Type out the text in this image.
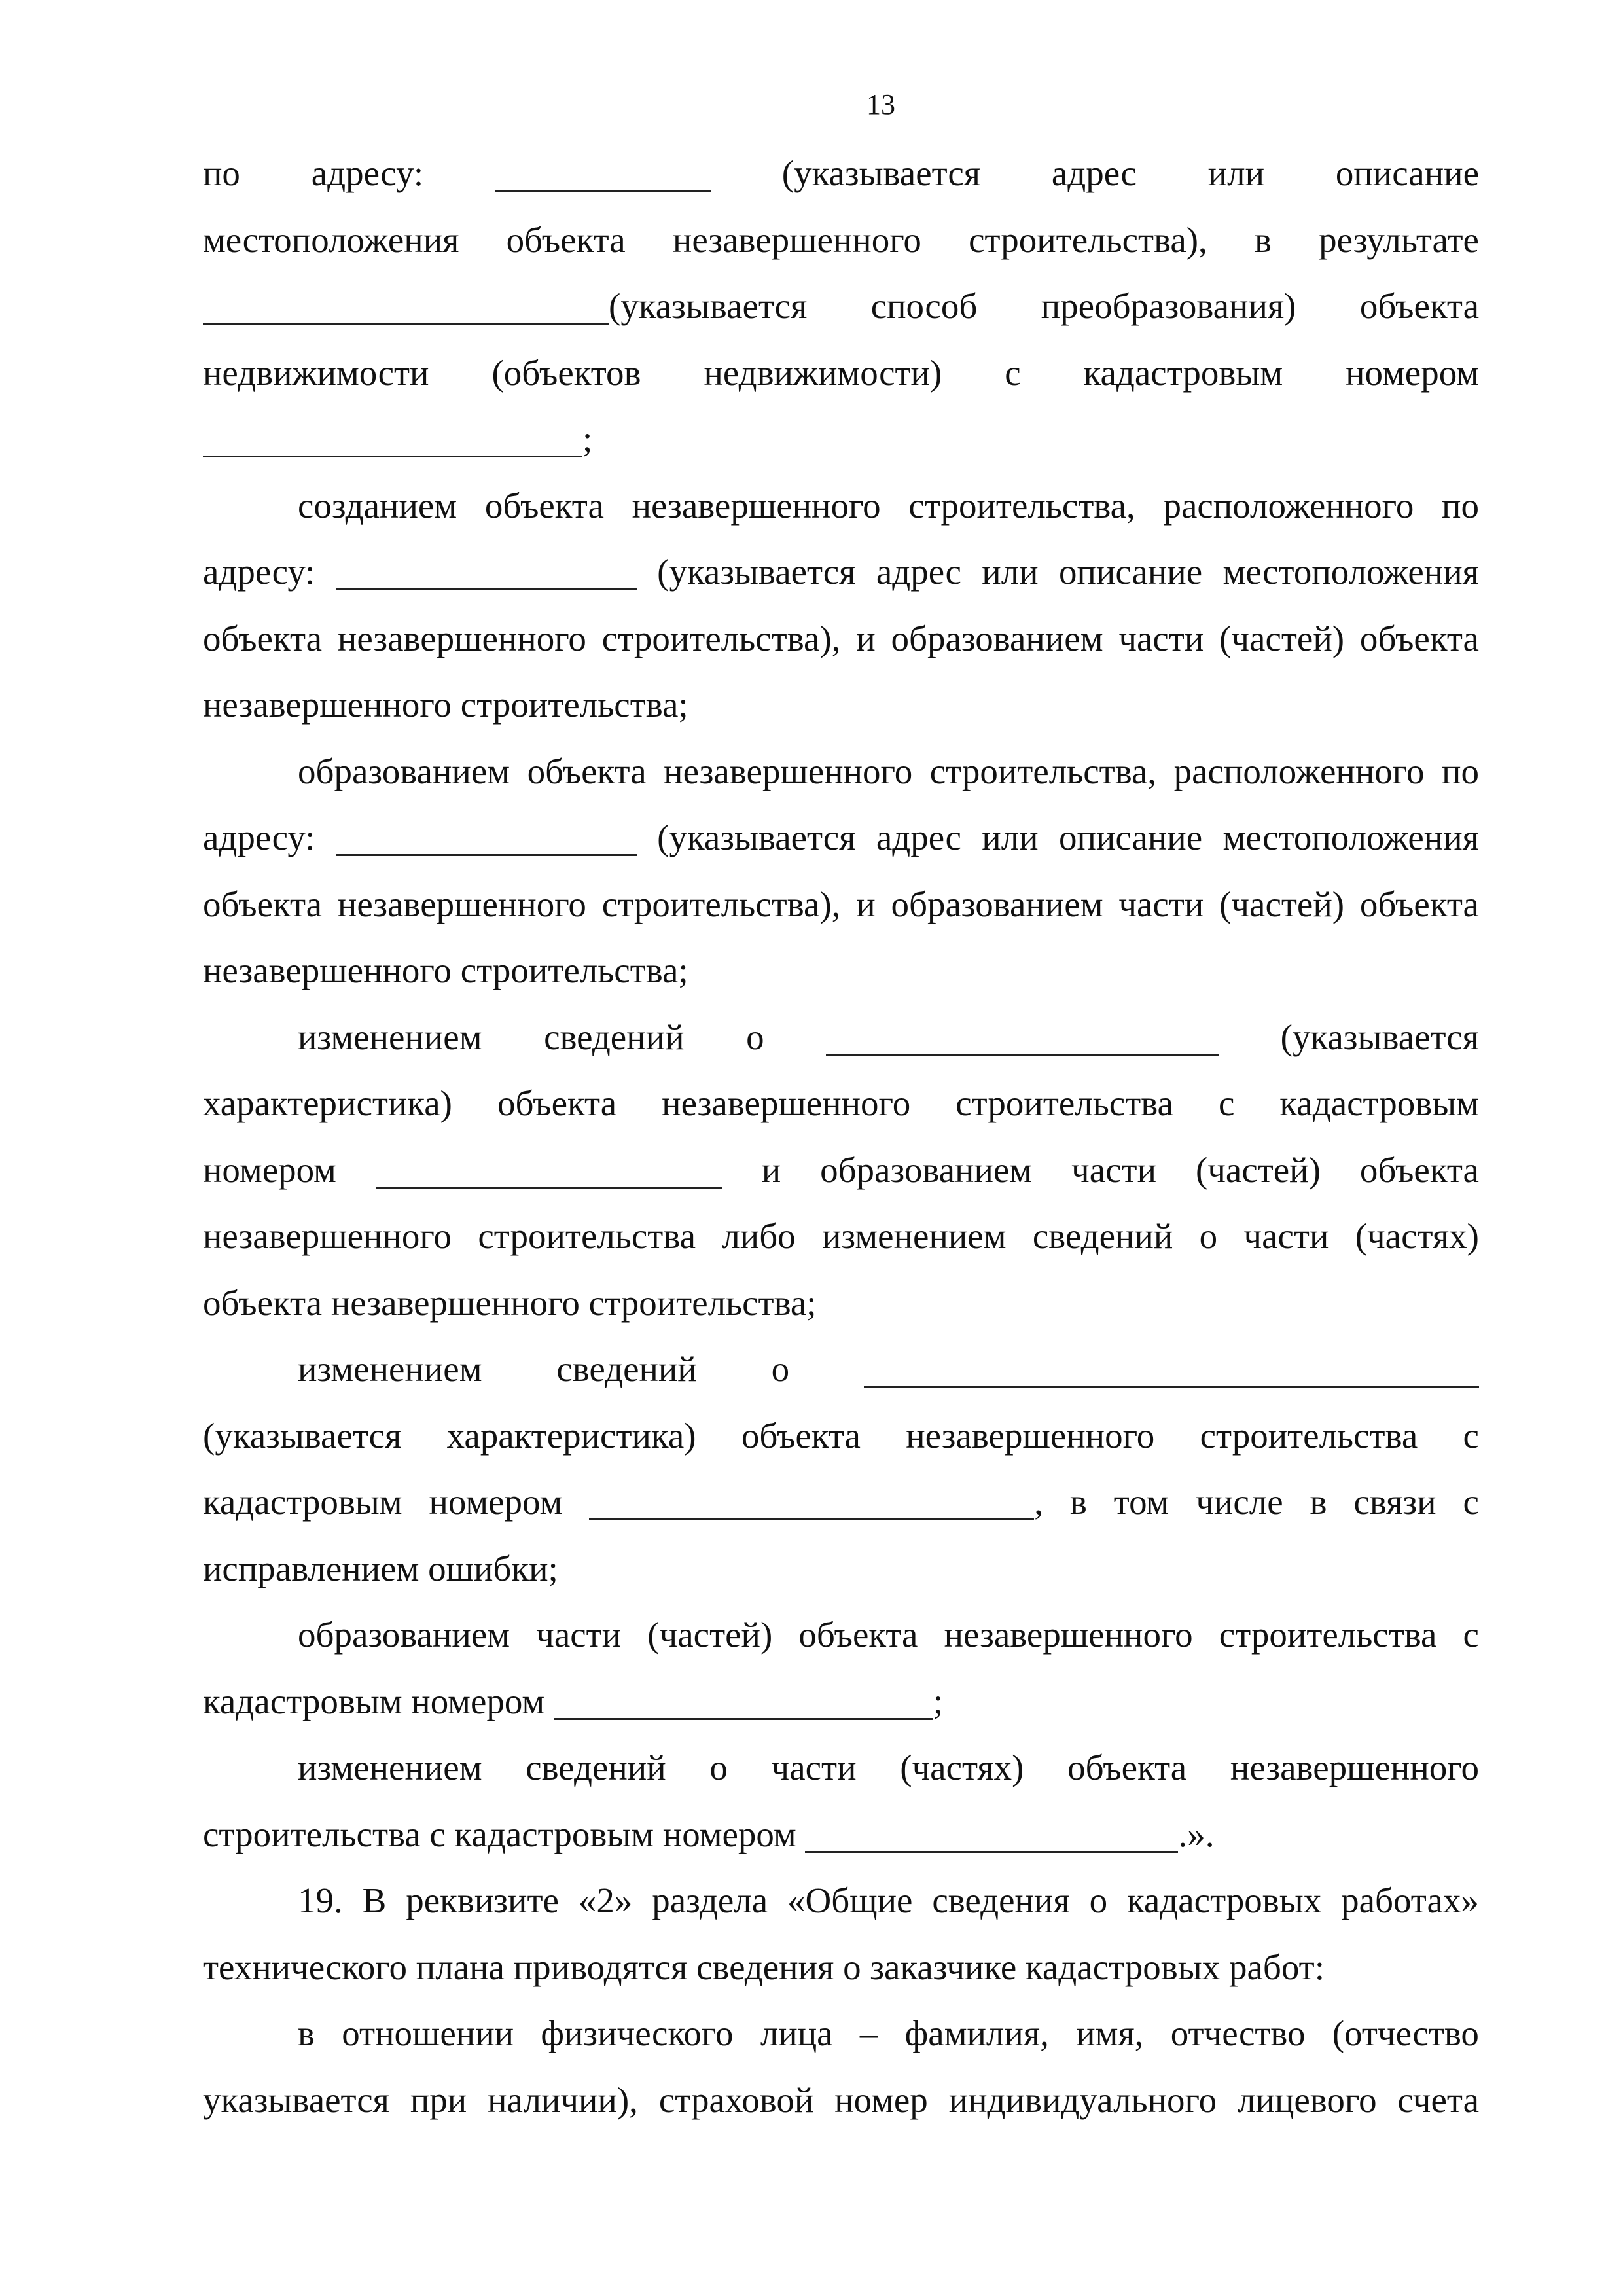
13
по адресу:	(указывается адрес или описание
местоположения объекта незавершенного строительства), в результате
(указывается способ преобразования) объекта
недвижимости (объектов недвижимости) с кадастровым номером
;
созданием объекта незавершенного строительства, расположенного по
адресу:	(указывается адрес или описание местоположения
объекта незавершенного строительства), и образованием части (частей) объекта
незавершенного строительства;
образованием объекта незавершенного строительства, расположенного по
адресу:	(указывается адрес или описание местоположения
объекта незавершенного строительства), и образованием части (частей) объекта
незавершенного строительства;
изменением сведений о	(указывается
характеристика) объекта незавершенного строительства с кадастровым
номером	и образованием части (частей) объекта
незавершенного строительства либо изменением сведений о части (частях)
объекта незавершенного строительства;
изменением сведений о
(указывается характеристика) объекта незавершенного строительства с
кадастровым номером	, в том числе в связи с
исправлением ошибки;
образованием части (частей) объекта незавершенного строительства с
кадастровым номером	;
изменением сведений о части (частях) объекта незавершенного
строительства с кадастровым номером	.».
19. В реквизите «2» раздела «Общие сведения о кадастровых работах»
технического плана приводятся сведения о заказчике кадастровых работ:
в отношении физического лица – фамилия, имя, отчество (отчество
указывается при наличии), страховой номер индивидуального лицевого счета
